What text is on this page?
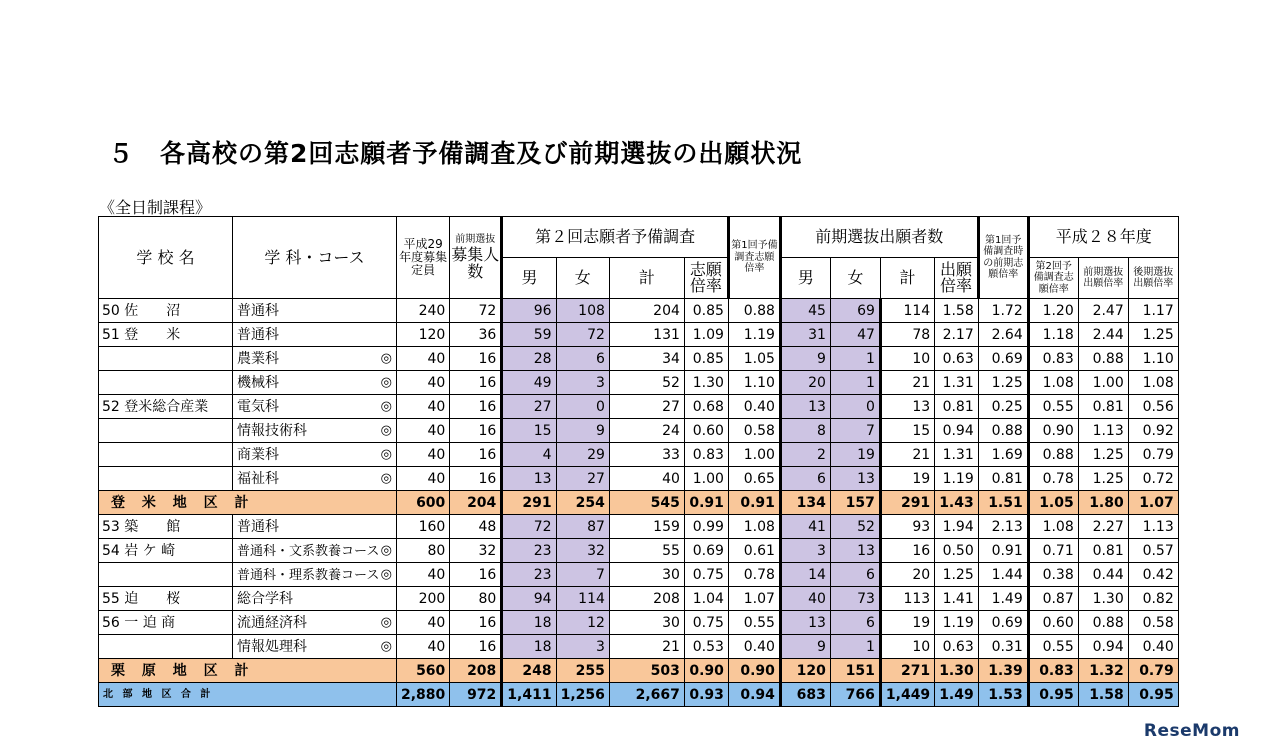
５　各高校の第2回志願者予備調査及び前期選抜の出願状況
《全日制課程》
学 校 名	学 科・コース	平成29年度募集定員	前期選抜
募集人数	第２回志願者予備調査				第1回予備調査志願倍率	前期選抜出願者数				第1回予備調査時の前期志願倍率	平成２８年度		
				男	女	計	志願倍率		男	女	計	出願倍率		第2回予備調査志願倍率	前期選抜出願倍率	後期選抜出願倍率
50 佐　　沼	普通科	240	72	96	108	204	0.85	0.88	45	69	114	1.58	1.72	1.20	2.47	1.17
51 登　　米	普通科	120	36	59	72	131	1.09	1.19	31	47	78	2.17	2.64	1.18	2.44	1.25
	農業科 ◎	40	16	28	6	34	0.85	1.05	9	1	10	0.63	0.69	0.83	0.88	1.10
	機械科 ◎	40	16	49	3	52	1.30	1.10	20	1	21	1.31	1.25	1.08	1.00	1.08
52 登米総合産業	電気科 ◎	40	16	27	0	27	0.68	0.40	13	0	13	0.81	0.25	0.55	0.81	0.56
	情報技術科 ◎	40	16	15	9	24	0.60	0.58	8	7	15	0.94	0.88	0.90	1.13	0.92
	商業科 ◎	40	16	4	29	33	0.83	1.00	2	19	21	1.31	1.69	0.88	1.25	0.79
	福祉科 ◎	40	16	13	27	40	1.00	0.65	6	13	19	1.19	0.81	0.78	1.25	0.72
登 米 地 区 計		600	204	291	254	545	0.91	0.91	134	157	291	1.43	1.51	1.05	1.80	1.07
53 築　　館	普通科	160	48	72	87	159	0.99	1.08	41	52	93	1.94	2.13	1.08	2.27	1.13
54 岩 ケ 崎	普通科・文系教養コース ◎	80	32	23	32	55	0.69	0.61	3	13	16	0.50	0.91	0.71	0.81	0.57
	普通科・理系教養コース ◎	40	16	23	7	30	0.75	0.78	14	6	20	1.25	1.44	0.38	0.44	0.42
55 迫　　桜	総合学科	200	80	94	114	208	1.04	1.07	40	73	113	1.41	1.49	0.87	1.30	0.82
56 一 迫 商	流通経済科 ◎	40	16	18	12	30	0.75	0.55	13	6	19	1.19	0.69	0.60	0.88	0.58
	情報処理科 ◎	40	16	18	3	21	0.53	0.40	9	1	10	0.63	0.31	0.55	0.94	0.40
栗 原 地 区 計		560	208	248	255	503	0.90	0.90	120	151	271	1.30	1.39	0.83	1.32	0.79
北 部 地 区 合 計		2,880	972	1,411	1,256	2,667	0.93	0.94	683	766	1,449	1.49	1.53	0.95	1.58	0.95
ReseMom
